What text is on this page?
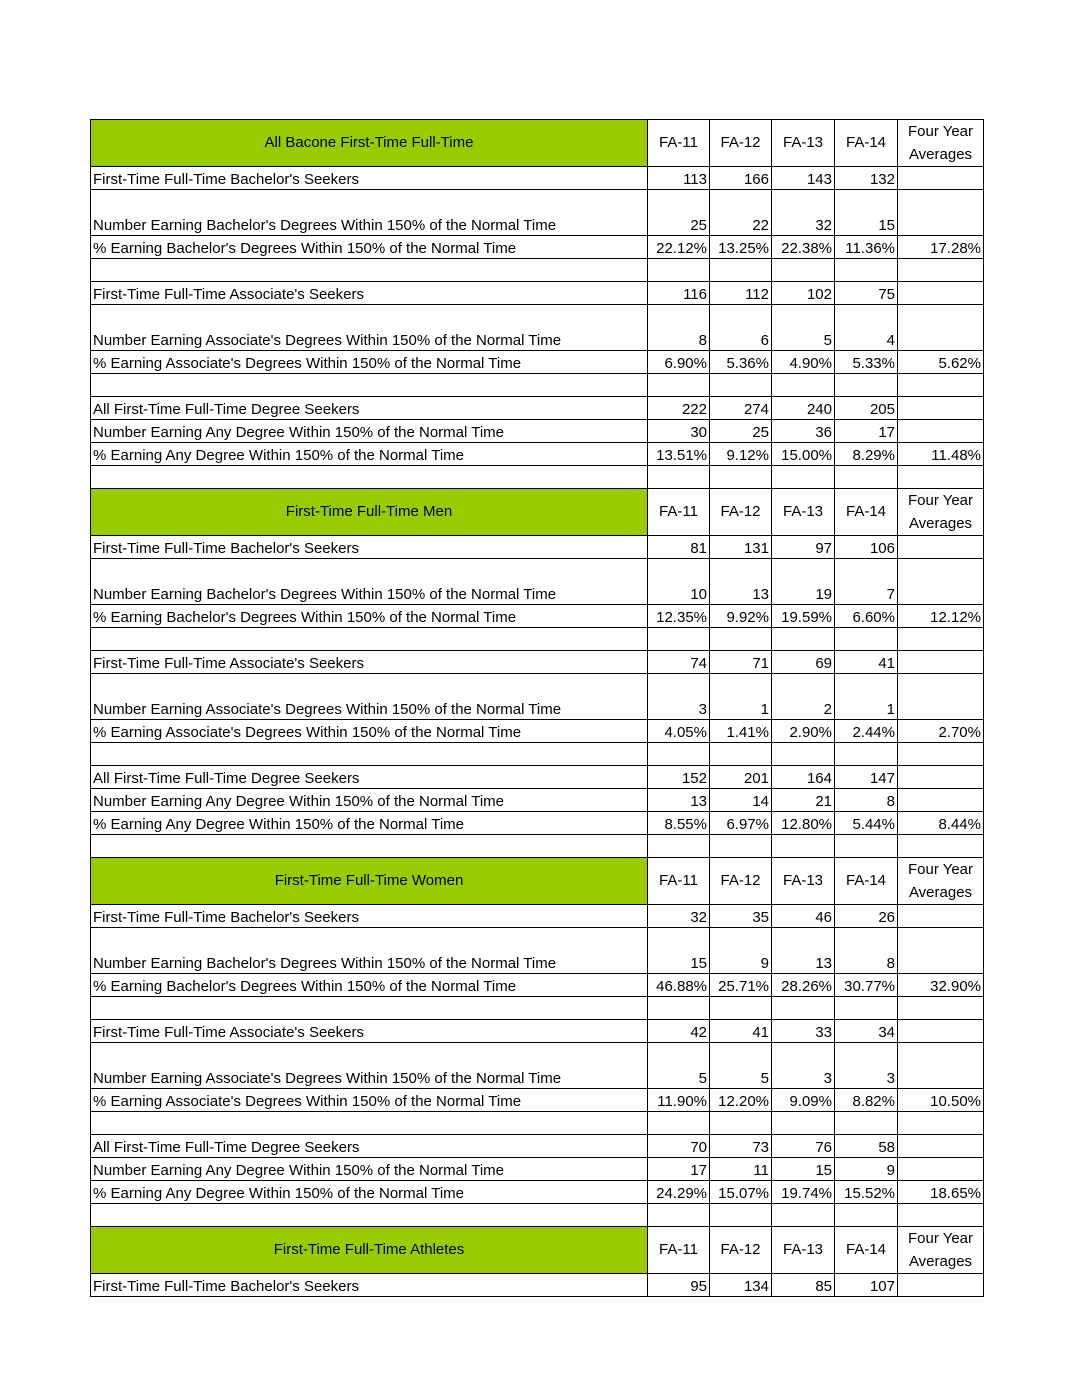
All Bacone First-Time Full-Time	FA-11	FA-12	FA-13	FA-14	Four Year
Averages
First-Time Full-Time Bachelor's Seekers	113	166	143	132	
Number Earning Bachelor's Degrees Within 150% of the Normal Time	25	22	32	15	
% Earning Bachelor's Degrees Within 150% of the Normal Time	22.12%	13.25%	22.38%	11.36%	17.28%

First-Time Full-Time Associate's Seekers	116	112	102	75	
Number Earning Associate's Degrees Within 150% of the Normal Time	8	6	5	4	
% Earning Associate's Degrees Within 150% of the Normal Time	6.90%	5.36%	4.90%	5.33%	5.62%

All First-Time Full-Time Degree Seekers	222	274	240	205	
Number Earning Any Degree Within 150% of the Normal Time	30	25	36	17	
% Earning Any Degree Within 150% of the Normal Time	13.51%	9.12%	15.00%	8.29%	11.48%

First-Time Full-Time Men	FA-11	FA-12	FA-13	FA-14	Four Year
Averages
First-Time Full-Time Bachelor's Seekers	81	131	97	106	
Number Earning Bachelor's Degrees Within 150% of the Normal Time	10	13	19	7	
% Earning Bachelor's Degrees Within 150% of the Normal Time	12.35%	9.92%	19.59%	6.60%	12.12%

First-Time Full-Time Associate's Seekers	74	71	69	41	
Number Earning Associate's Degrees Within 150% of the Normal Time	3	1	2	1	
% Earning Associate's Degrees Within 150% of the Normal Time	4.05%	1.41%	2.90%	2.44%	2.70%

All First-Time Full-Time Degree Seekers	152	201	164	147	
Number Earning Any Degree Within 150% of the Normal Time	13	14	21	8	
% Earning Any Degree Within 150% of the Normal Time	8.55%	6.97%	12.80%	5.44%	8.44%

First-Time Full-Time Women	FA-11	FA-12	FA-13	FA-14	Four Year
Averages
First-Time Full-Time Bachelor's Seekers	32	35	46	26	
Number Earning Bachelor's Degrees Within 150% of the Normal Time	15	9	13	8	
% Earning Bachelor's Degrees Within 150% of the Normal Time	46.88%	25.71%	28.26%	30.77%	32.90%

First-Time Full-Time Associate's Seekers	42	41	33	34	
Number Earning Associate's Degrees Within 150% of the Normal Time	5	5	3	3	
% Earning Associate's Degrees Within 150% of the Normal Time	11.90%	12.20%	9.09%	8.82%	10.50%

All First-Time Full-Time Degree Seekers	70	73	76	58	
Number Earning Any Degree Within 150% of the Normal Time	17	11	15	9	
% Earning Any Degree Within 150% of the Normal Time	24.29%	15.07%	19.74%	15.52%	18.65%

First-Time Full-Time Athletes	FA-11	FA-12	FA-13	FA-14	Four Year
Averages
First-Time Full-Time Bachelor's Seekers	95	134	85	107	
